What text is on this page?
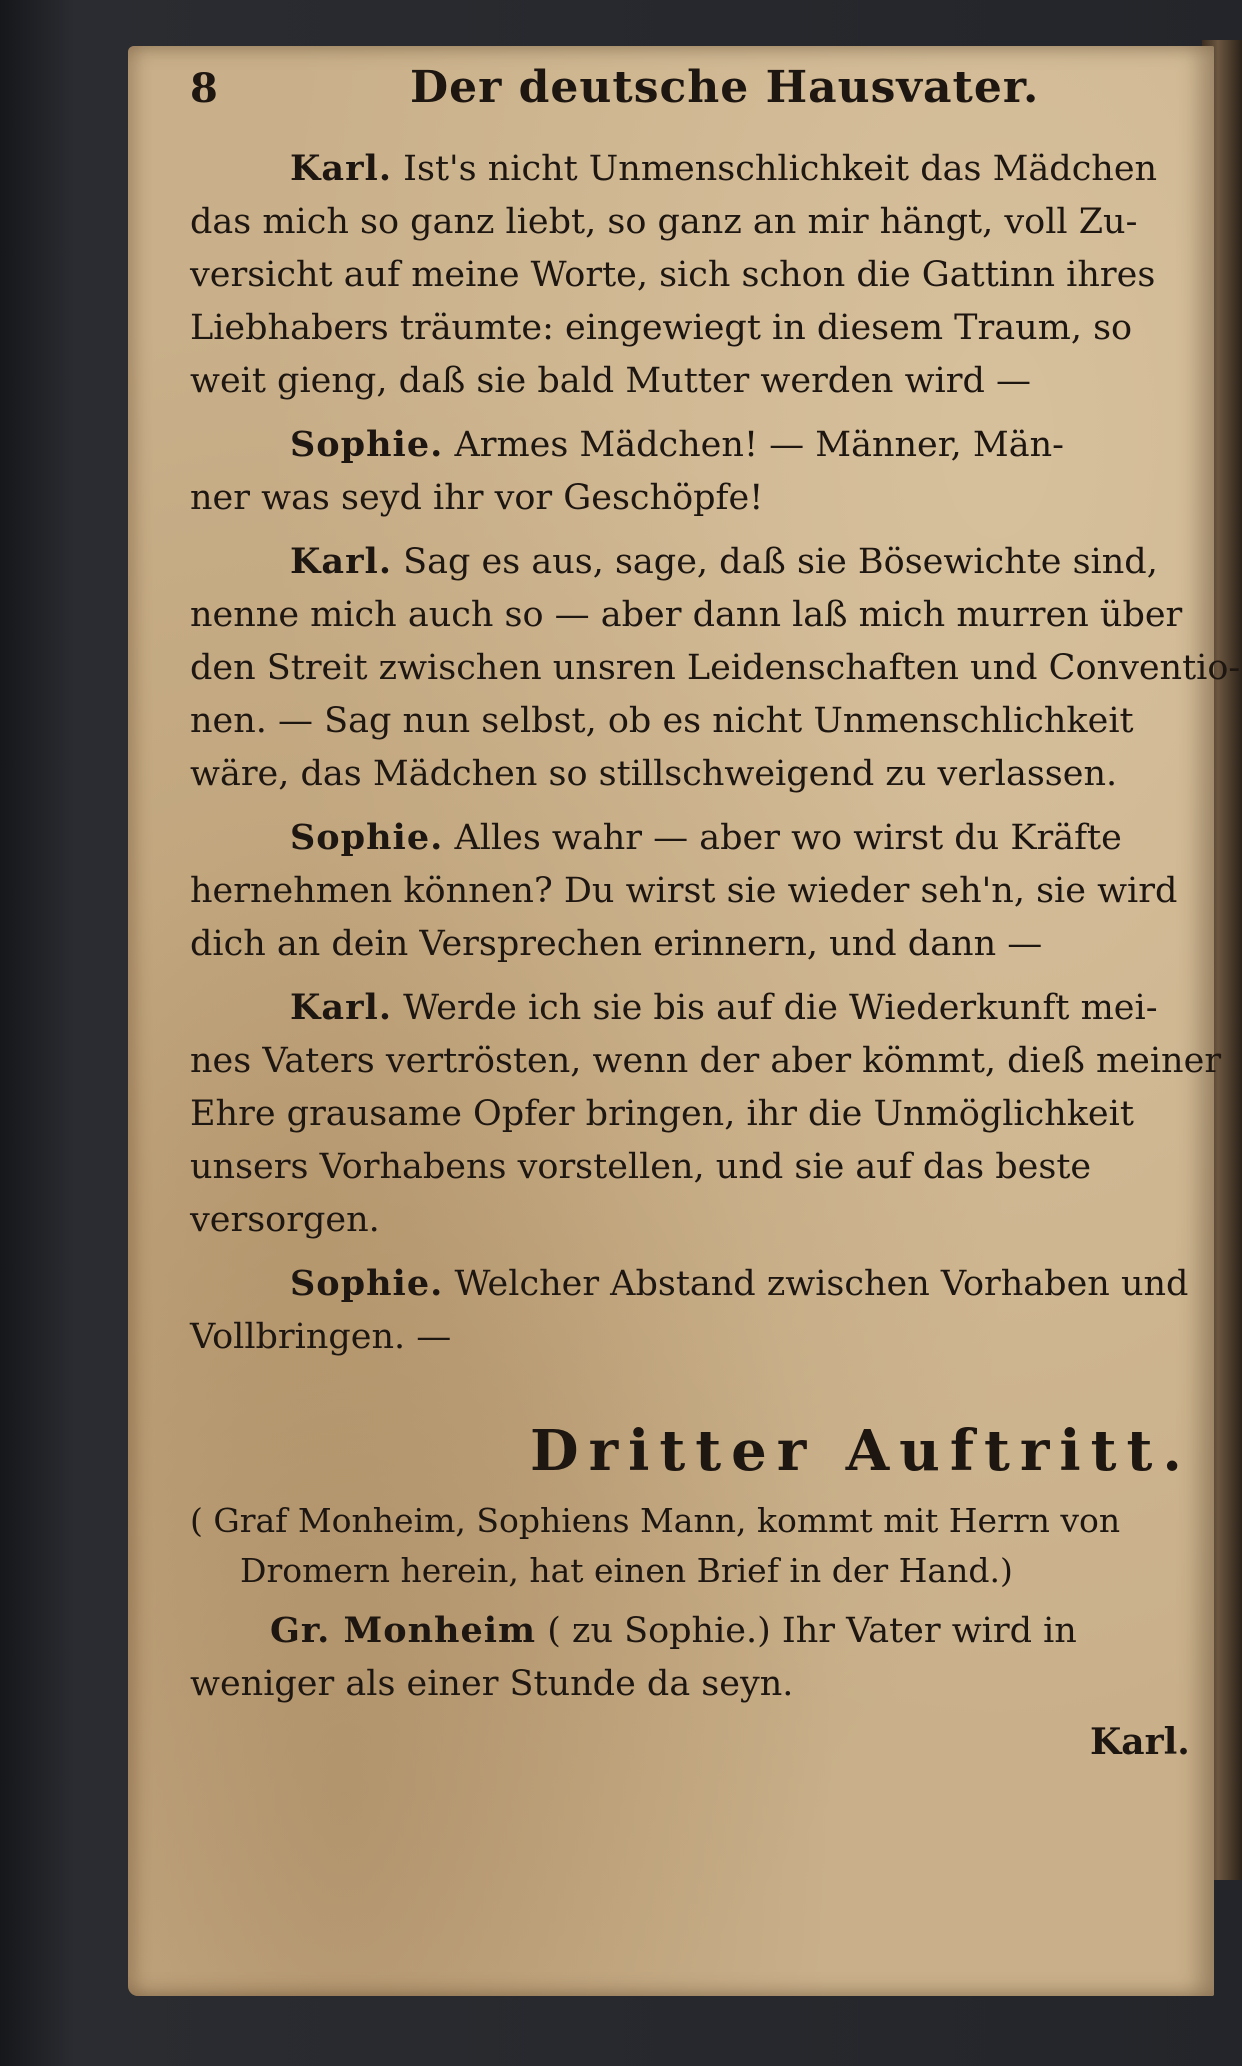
8	Der deutsche Hausvater.

Karl. Ist's nicht Unmenschlichkeit das Mädchen
das mich so ganz liebt, so ganz an mir hängt, voll Zu-
versicht auf meine Worte, sich schon die Gattinn ihres
Liebhabers träumte: eingewiegt in diesem Traum, so
weit gieng, daß sie bald Mutter werden wird —

Sophie. Armes Mädchen! — Männer, Män-
ner was seyd ihr vor Geschöpfe!

Karl. Sag es aus, sage, daß sie Bösewichte sind,
nenne mich auch so — aber dann laß mich murren über
den Streit zwischen unsren Leidenschaften und Conventio-
nen. — Sag nun selbst, ob es nicht Unmenschlichkeit
wäre, das Mädchen so stillschweigend zu verlassen.

Sophie. Alles wahr — aber wo wirst du Kräfte
hernehmen können? Du wirst sie wieder seh'n, sie wird
dich an dein Versprechen erinnern, und dann —

Karl. Werde ich sie bis auf die Wiederkunft mei-
nes Vaters vertrösten, wenn der aber kömmt, dieß meiner
Ehre grausame Opfer bringen, ihr die Unmöglichkeit
unsers Vorhabens vorstellen, und sie auf das beste
versorgen.

Sophie. Welcher Abstand zwischen Vorhaben und
Vollbringen. —

Dritter Auftritt.

( Graf Monheim, Sophiens Mann, kommt mit Herrn von
Dromern herein, hat einen Brief in der Hand.)

Gr. Monheim ( zu Sophie.) Ihr Vater wird in
weniger als einer Stunde da seyn.

Karl.
